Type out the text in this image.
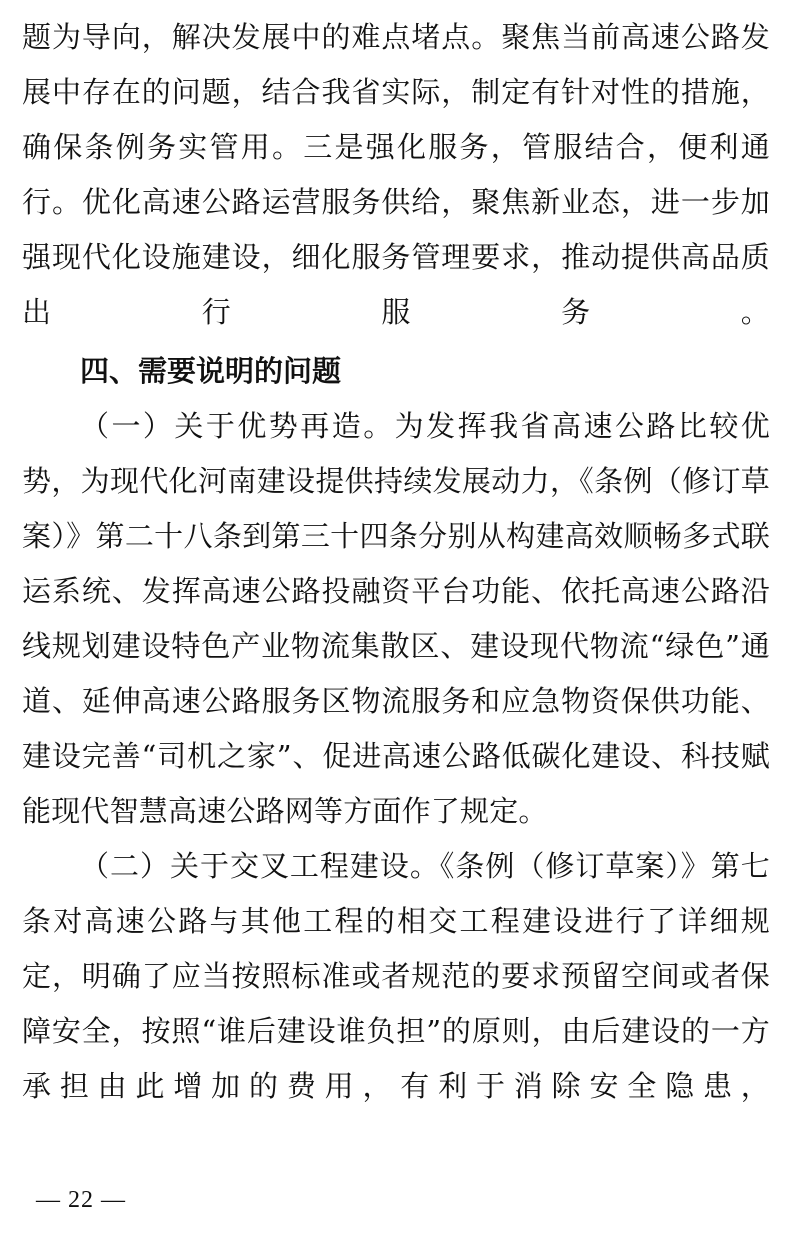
题为导向，解决发展中的难点堵点。聚焦当前高速公路发展中存在的问题，结合我省实际，制定有针对性的措施，确保条例务实管用。三是强化服务，管服结合，便利通行。优化高速公路运营服务供给，聚焦新业态，进一步加强现代化设施建设，细化服务管理要求，推动提供高品质出行服务。

四、需要说明的问题

（一）关于优势再造。为发挥我省高速公路比较优势，为现代化河南建设提供持续发展动力，《条例（修订草案）》第二十八条到第三十四条分别从构建高效顺畅多式联运系统、发挥高速公路投融资平台功能、依托高速公路沿线规划建设特色产业物流集散区、建设现代物流“绿色”通道、延伸高速公路服务区物流服务和应急物资保供功能、建设完善“司机之家”、促进高速公路低碳化建设、科技赋能现代智慧高速公路网等方面作了规定。

（二）关于交叉工程建设。《条例（修订草案）》第七条对高速公路与其他工程的相交工程建设进行了详细规定，明确了应当按照标准或者规范的要求预留空间或者保障安全，按照“谁后建设谁负担”的原则，由后建设的一方承担由此增加的费用，有利于消除安全隐患，

— 22 —
